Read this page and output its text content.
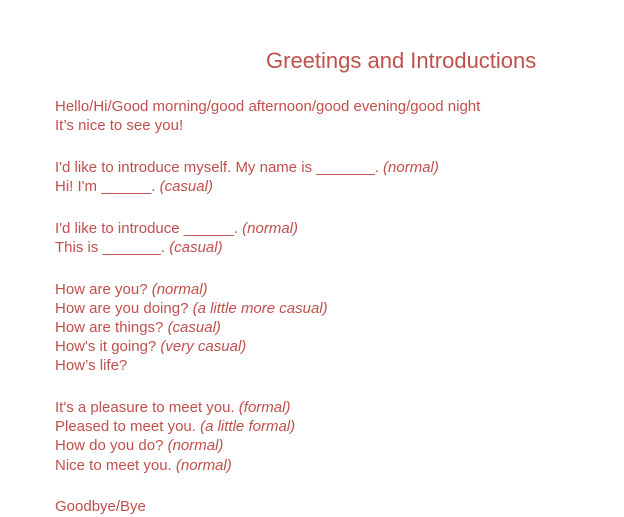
Greetings and Introductions
Hello/Hi/Good morning/good afternoon/good evening/good night
It’s nice to see you!
I'd like to introduce myself. My name is _______. (normal)
Hi! I'm ______. (casual)
I'd like to introduce ______. (normal)
This is _______. (casual)
How are you? (normal)
How are you doing? (a little more casual)
How are things? (casual)
How's it going? (very casual)
How’s life?
It's a pleasure to meet you. (formal)
Pleased to meet you. (a little formal)
How do you do? (normal)
Nice to meet you. (normal)
Goodbye/Bye
